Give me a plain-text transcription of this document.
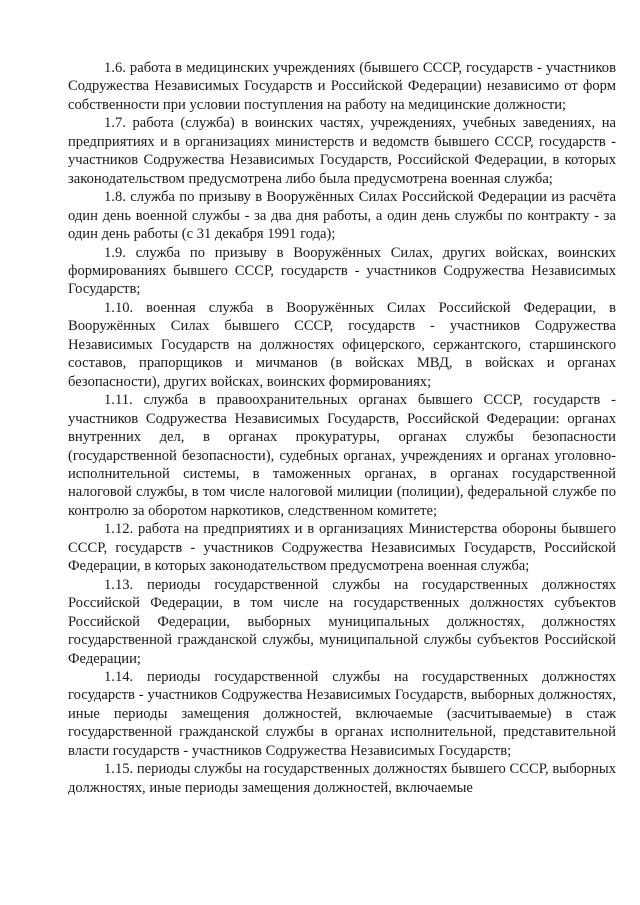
1.6. работа в медицинских учреждениях (бывшего СССР, государств - участников Содружества Независимых Государств и Российской Федерации) независимо от форм собственности при условии поступления на работу на медицинские должности;

1.7. работа (служба) в воинских частях, учреждениях, учебных заведениях, на предприятиях и в организациях министерств и ведомств бывшего СССР, государств - участников Содружества Независимых Государств, Российской Федерации, в которых законодательством предусмотрена либо была предусмотрена военная служба;

1.8. служба по призыву в Вооружённых Силах Российской Федерации из расчёта один день военной службы - за два дня работы, а один день службы по контракту - за один день работы (с 31 декабря 1991 года);

1.9. служба по призыву в Вооружённых Силах, других войсках, воинских формированиях бывшего СССР, государств - участников Содружества Независимых Государств;

1.10. военная служба в Вооружённых Силах Российской Федерации, в Вооружённых Силах бывшего СССР, государств - участников Содружества Независимых Государств на должностях офицерского, сержантского, старшинского составов, прапорщиков и мичманов (в войсках МВД, в войсках и органах безопасности), других войсках, воинских формированиях;

1.11. служба в правоохранительных органах бывшего СССР, государств - участников Содружества Независимых Государств, Российской Федерации: органах внутренних дел, в органах прокуратуры, органах службы безопасности (государственной безопасности), судебных органах, учреждениях и органах уголовно-исполнительной системы, в таможенных органах, в органах государственной налоговой службы, в том числе налоговой милиции (полиции), федеральной службе по контролю за оборотом наркотиков, следственном комитете;

1.12. работа на предприятиях и в организациях Министерства обороны бывшего СССР, государств - участников Содружества Независимых Государств, Российской Федерации, в которых законодательством предусмотрена военная служба;

1.13. периоды государственной службы на государственных должностях Российской Федерации, в том числе на государственных должностях субъектов Российской Федерации, выборных муниципальных должностях, должностях государственной гражданской службы, муниципальной службы субъектов Российской Федерации;

1.14. периоды государственной службы на государственных должностях государств - участников Содружества Независимых Государств, выборных должностях, иные периоды замещения должностей, включаемые (засчитываемые) в стаж государственной гражданской службы в органах исполнительной, представительной власти государств - участников Содружества Независимых Государств;

1.15. периоды службы на государственных должностях бывшего СССР, выборных должностях, иные периоды замещения должностей, включаемые
